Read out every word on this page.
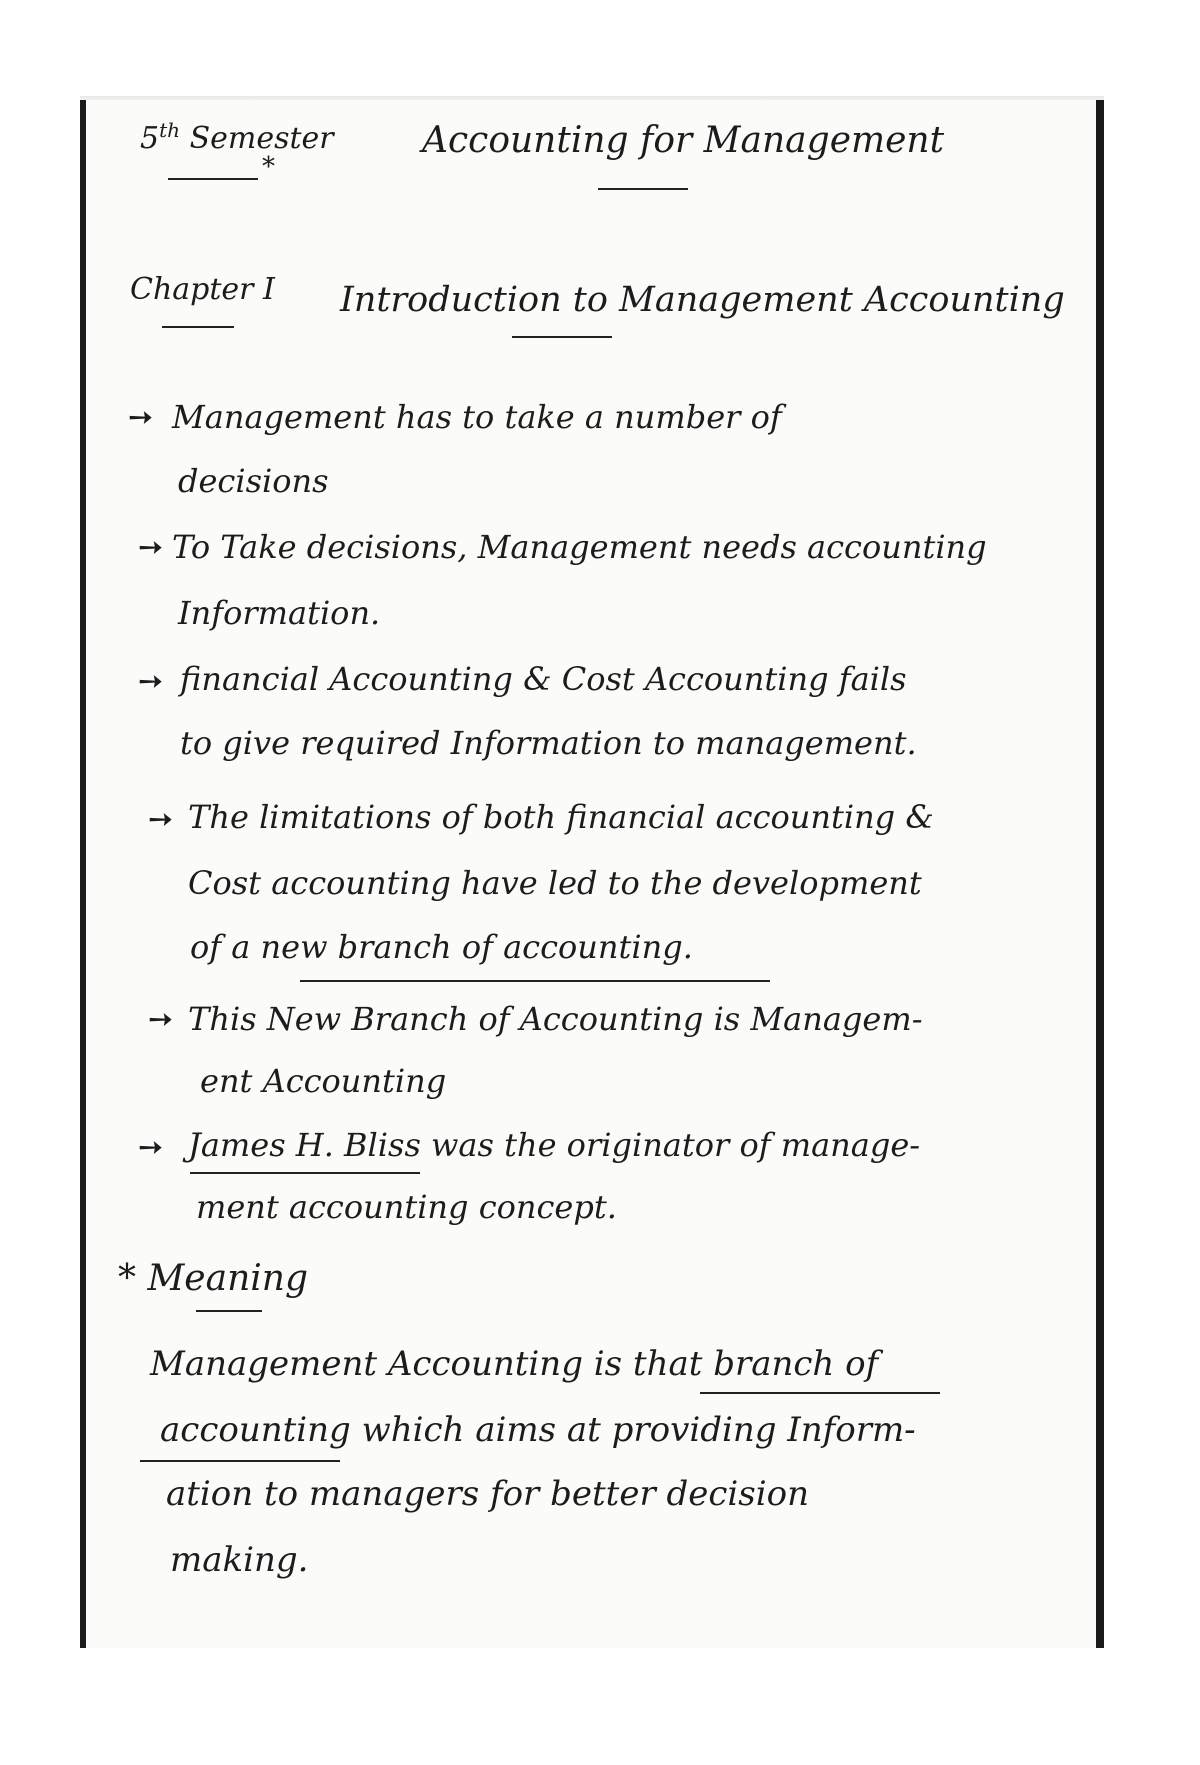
5th Semester
*
Accounting for Management
Chapter I Introduction to Management Accounting
➙ Management has to take a number of
decisions
➙ To Take decisions, Management needs accounting
Information.
➙ financial Accounting & Cost Accounting fails
to give required Information to management.
➙ The limitations of both financial accounting &
Cost accounting have led to the development
of a new branch of accounting.
➙ This New Branch of Accounting is Managem-
ent Accounting
➙ James H. Bliss was the originator of manage-
ment accounting concept.
* Meaning
Management Accounting is that branch of
accounting which aims at providing Inform-
ation to managers for better decision
making.
